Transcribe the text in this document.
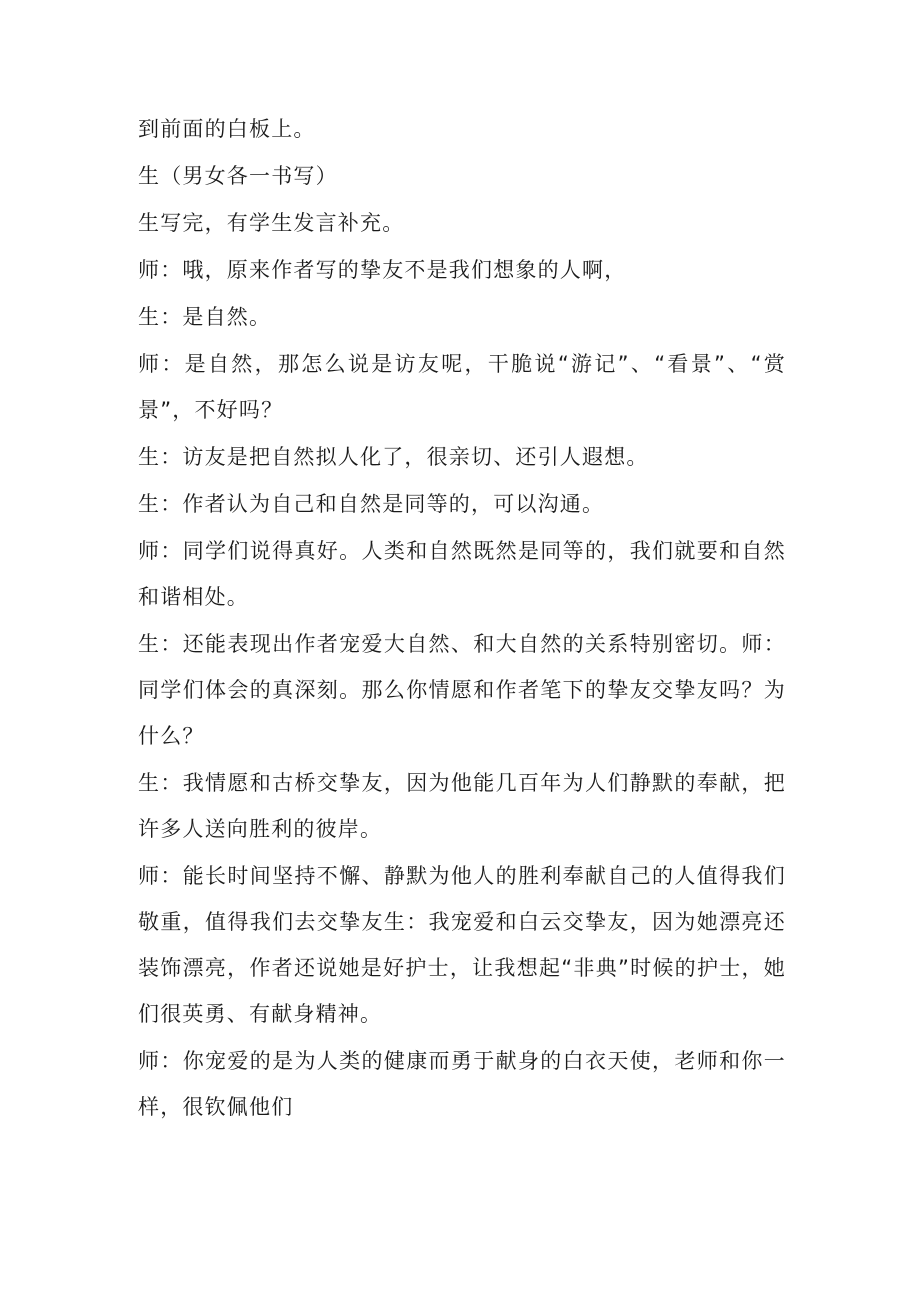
到前面的白板上。

生（男女各一书写）

生写完，有学生发言补充。

师：哦，原来作者写的挚友不是我们想象的人啊，

生：是自然。

师：是自然，那怎么说是访友呢，干脆说“游记”、“看景”、“赏景”，不好吗？

生：访友是把自然拟人化了，很亲切、还引人遐想。

生：作者认为自己和自然是同等的，可以沟通。

师：同学们说得真好。人类和自然既然是同等的，我们就要和自然和谐相处。

生：还能表现出作者宠爱大自然、和大自然的关系特别密切。师：同学们体会的真深刻。那么你情愿和作者笔下的挚友交挚友吗？为什么？

生：我情愿和古桥交挚友，因为他能几百年为人们静默的奉献，把许多人送向胜利的彼岸。

师：能长时间坚持不懈、静默为他人的胜利奉献自己的人值得我们敬重，值得我们去交挚友生：我宠爱和白云交挚友，因为她漂亮还装饰漂亮，作者还说她是好护士，让我想起“非典”时候的护士，她们很英勇、有献身精神。

师：你宠爱的是为人类的健康而勇于献身的白衣天使，老师和你一样，很钦佩他们
